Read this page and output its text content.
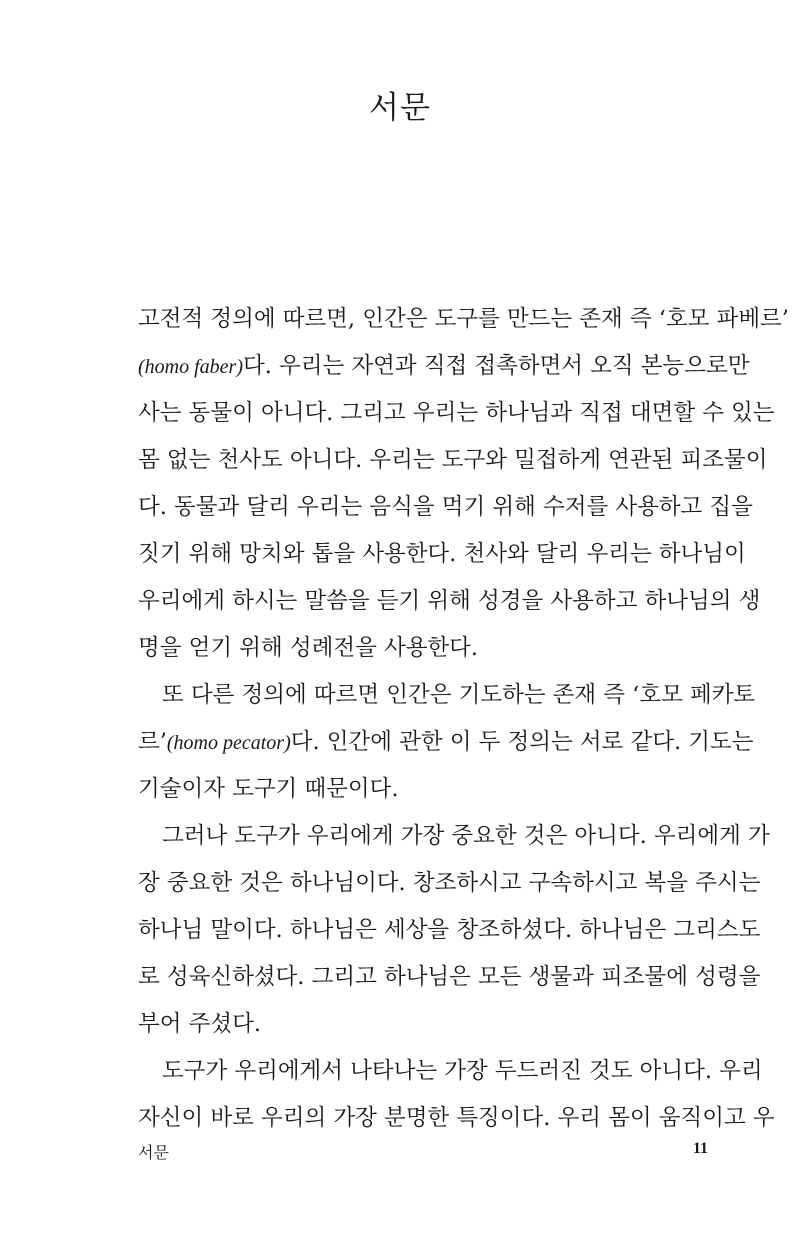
서문
고전적 정의에 따르면, 인간은 도구를 만드는 존재 즉 ‘호모 파베르’
(homo faber)다. 우리는 자연과 직접 접촉하면서 오직 본능으로만
사는 동물이 아니다. 그리고 우리는 하나님과 직접 대면할 수 있는
몸 없는 천사도 아니다. 우리는 도구와 밀접하게 연관된 피조물이
다. 동물과 달리 우리는 음식을 먹기 위해 수저를 사용하고 집을
짓기 위해 망치와 톱을 사용한다. 천사와 달리 우리는 하나님이
우리에게 하시는 말씀을 듣기 위해 성경을 사용하고 하나님의 생
명을 얻기 위해 성례전을 사용한다.
또 다른 정의에 따르면 인간은 기도하는 존재 즉 ‘호모 페카토
르’(homo pecator)다. 인간에 관한 이 두 정의는 서로 같다. 기도는
기술이자 도구기 때문이다.
그러나 도구가 우리에게 가장 중요한 것은 아니다. 우리에게 가
장 중요한 것은 하나님이다. 창조하시고 구속하시고 복을 주시는
하나님 말이다. 하나님은 세상을 창조하셨다. 하나님은 그리스도
로 성육신하셨다. 그리고 하나님은 모든 생물과 피조물에 성령을
부어 주셨다.
도구가 우리에게서 나타나는 가장 두드러진 것도 아니다. 우리
자신이 바로 우리의 가장 분명한 특징이다. 우리 몸이 움직이고 우
서문	11
